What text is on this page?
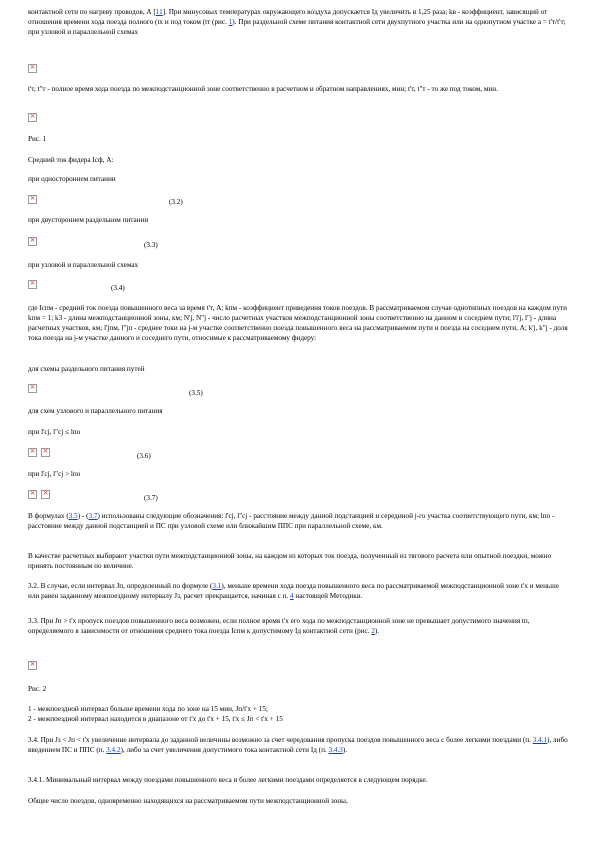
контактной сети по нагреву проводов, А [11]. При минусовых температурах окружающего воздуха допускается Iд увеличить в 1,25 раза; kв - коэффициент, зависящий от отношения времени хода поезда полного (tх и под током (tт (рис. 1). При раздельной схеме питания контактной сети двухпутного участка или на однопутном участке a = t'т/t'т; при узловой и параллельной схемах

×

t'т, t"т - полное время хода поезда по межподстанционной зоне соответственно в расчетном и обратном направлениях, мин; t'т, t"т - то же под током, мин.

×

Рис. 1

Средний ток фидера Iсф, А:

при одностороннем питании

×
(3.2)

при двустороннем раздельном питании

×
(3.3)

при узловой и параллельной схемах

×
(3.4)

где Iспм - средний ток поезда повышенного веса за время t'т, А; kпм - коэффициент приведения токов поездов. В рассматриваемом случае однотипных поездов на каждом пути kпм = 1; k3 - длина межподстанционной зоны, км; N'j, N"j - число расчетных участков межподстанционной зоны соответственно на данном и соседнем пути; l'i'j, l"j - длина расчетных участков, км; l'jпм, l"jп - среднее токи на j-м участке соответственно поезда повышенного веса на рассматриваемом пути и поезда на соседнем пути, А; k'j, k"j - доля тока поезда на j-м участке данного и соседнего пути, относимые к рассматриваемому фидеру:

для схемы раздельного питания путей

×
(3.5)

для схем узлового и параллельного питания

при l'сj, l"сj ≤ lпо

×
×
(3.6)

при l'сj, l"сj > lпо

×
×
(3.7)

В формулах (3.5) - (3.7) использованы следующие обозначения: l'сj, l"сj - расстояние между данной подстанцией и серединой j-го участка соответствующего пути, км; lпо - расстояние между данной подстанцией и ПС при узловой схеме или ближайшим ППС при параллельной схеме, км.

В качестве расчетных выбирают участки пути межподстанционной зоны, на каждом из которых ток поезда, полученный из тягового расчета или опытной поездки, можно принять постоянным по величине.

3.2. В случае, если интервал Jп, определенный по формуле (3.1), меньше времени хода поезда повышенного веса по рассматриваемой межподстанционной зоне t'х и меньше или равен заданному межпоездному интервалу Jз, расчет прекращается, начиная с п. 4 настоящей Методики.

3.3. При Jп > t'х пропуск поездов повышенного веса возможен, если полное время t'х его хода по межподстанционной зоне не превышает допустимого значения tп, определяемого в зависимости от отношения среднего тока поезда Iспм к допустимому Iд контактной сети (рис. 2).

×

Рис. 2

1 - межпоездной интервал больше времени хода по зоне на 15 мин, Jп/t'х + 15;

2 - межпоездной интервал находится в диапазоне от t'х до t'х + 15, t'х ≤ Jп < t'х + 15

3.4. При Jз < Jп < t'х увеличение интервала до заданной величины возможно за счет чередования пропуска поездов повышенного веса с более легкими поездами (п. 3.4.1), либо введением ПС и ППС (п. 3.4.2), либо за счет увеличения допустимого тока контактной сети Iд (п. 3.4.3).

3.4.1. Минимальный интервал между поездами повышенного веса и более легкими поездами определяется в следующем порядке.

Общее число поездов, одновременно находящихся на рассматриваемом пути межподстанционной зоны,
